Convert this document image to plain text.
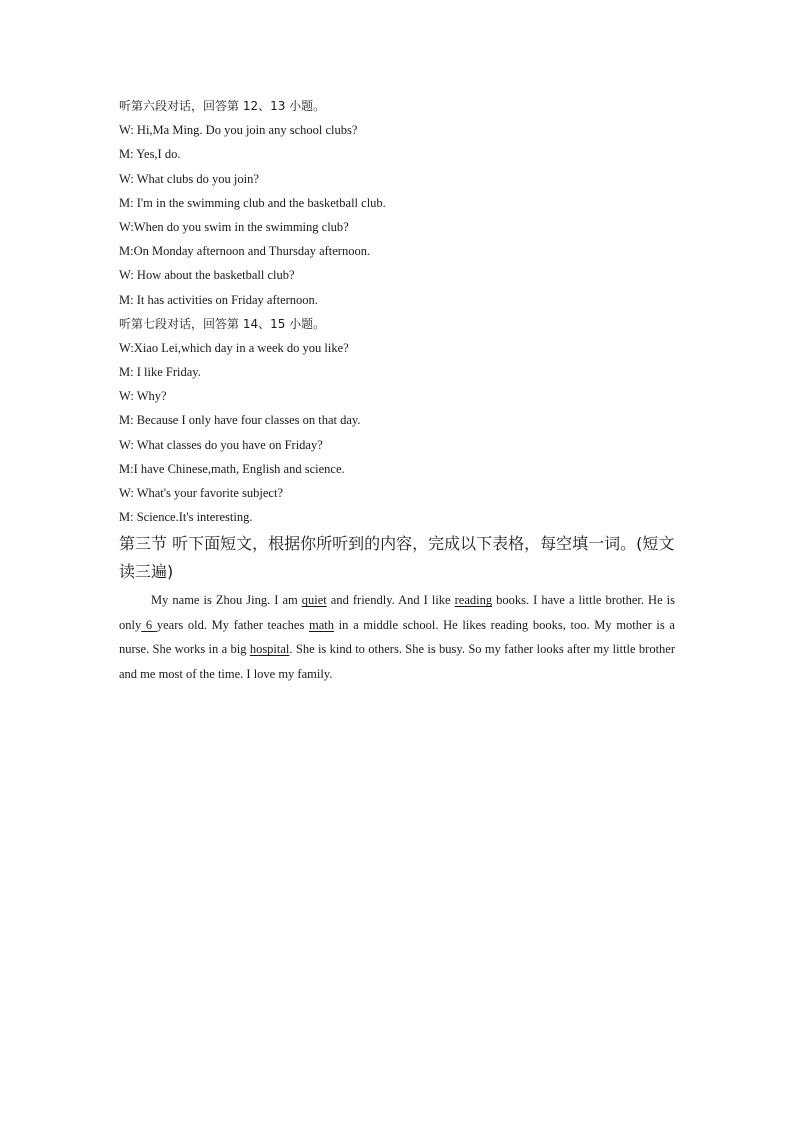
听第六段对话，回答第 12、13 小题。
W: Hi,Ma Ming. Do you join any school clubs?
M: Yes,I do.
W: What clubs do you join?
M: I'm in the swimming club and the basketball club.
W:When do you swim in the swimming club?
M:On Monday afternoon and Thursday afternoon.
W: How about the basketball club?
M: It has activities on Friday afternoon.
听第七段对话，回答第 14、15 小题。
W:Xiao Lei,which day in a week do you like?
M: I like Friday.
W: Why?
M: Because I only have four classes on that day.
W: What classes do you have on Friday?
M:I have Chinese,math, English and science.
W: What's your favorite subject?
M: Science.It's interesting.
第三节 听下面短文，根据你所听到的内容，完成以下表格，每空填一词。(短文
读三遍)

My name is Zhou Jing. I am quiet and friendly. And I like reading books. I have a little brother. He is only 6 years old. My father teaches math in a middle school. He likes reading books, too. My mother is a nurse. She works in a big hospital. She is kind to others. She is busy. So my father looks after my little brother and me most of the time. I love my family.
